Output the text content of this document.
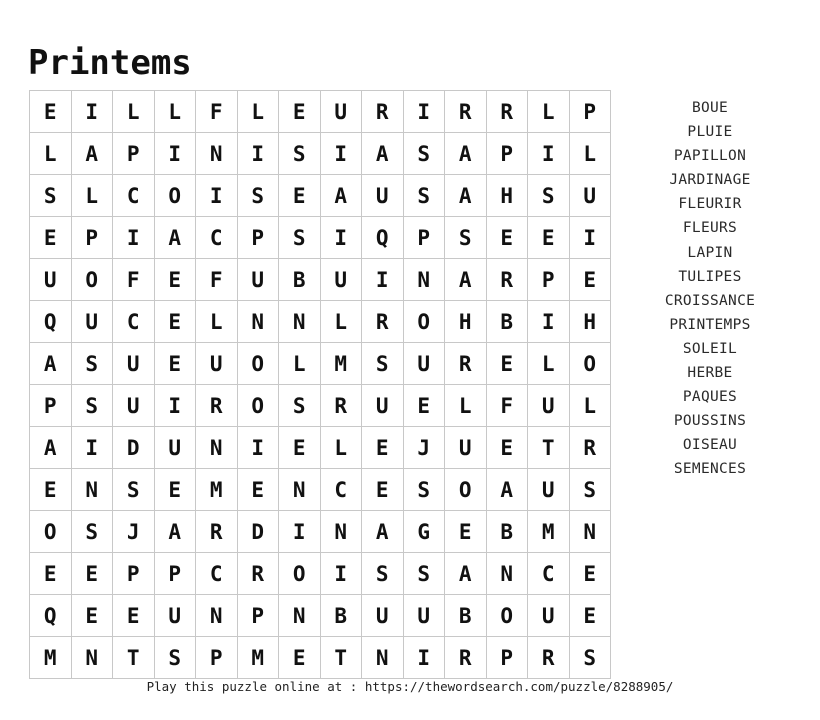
Printems
E	I	L	L	F	L	E	U	R	I	R	R	L	P
L	A	P	I	N	I	S	I	A	S	A	P	I	L
S	L	C	O	I	S	E	A	U	S	A	H	S	U
E	P	I	A	C	P	S	I	Q	P	S	E	E	I
U	O	F	E	F	U	B	U	I	N	A	R	P	E
Q	U	C	E	L	N	N	L	R	O	H	B	I	H
A	S	U	E	U	O	L	M	S	U	R	E	L	O
P	S	U	I	R	O	S	R	U	E	L	F	U	L
A	I	D	U	N	I	E	L	E	J	U	E	T	R
E	N	S	E	M	E	N	C	E	S	O	A	U	S
O	S	J	A	R	D	I	N	A	G	E	B	M	N
E	E	P	P	C	R	O	I	S	S	A	N	C	E
Q	E	E	U	N	P	N	B	U	U	B	O	U	E
M	N	T	S	P	M	E	T	N	I	R	P	R	S
BOUE
PLUIE
PAPILLON
JARDINAGE
FLEURIR
FLEURS
LAPIN
TULIPES
CROISSANCE
PRINTEMPS
SOLEIL
HERBE
PAQUES
POUSSINS
OISEAU
SEMENCES
Play this puzzle online at : https://thewordsearch.com/puzzle/8288905/
